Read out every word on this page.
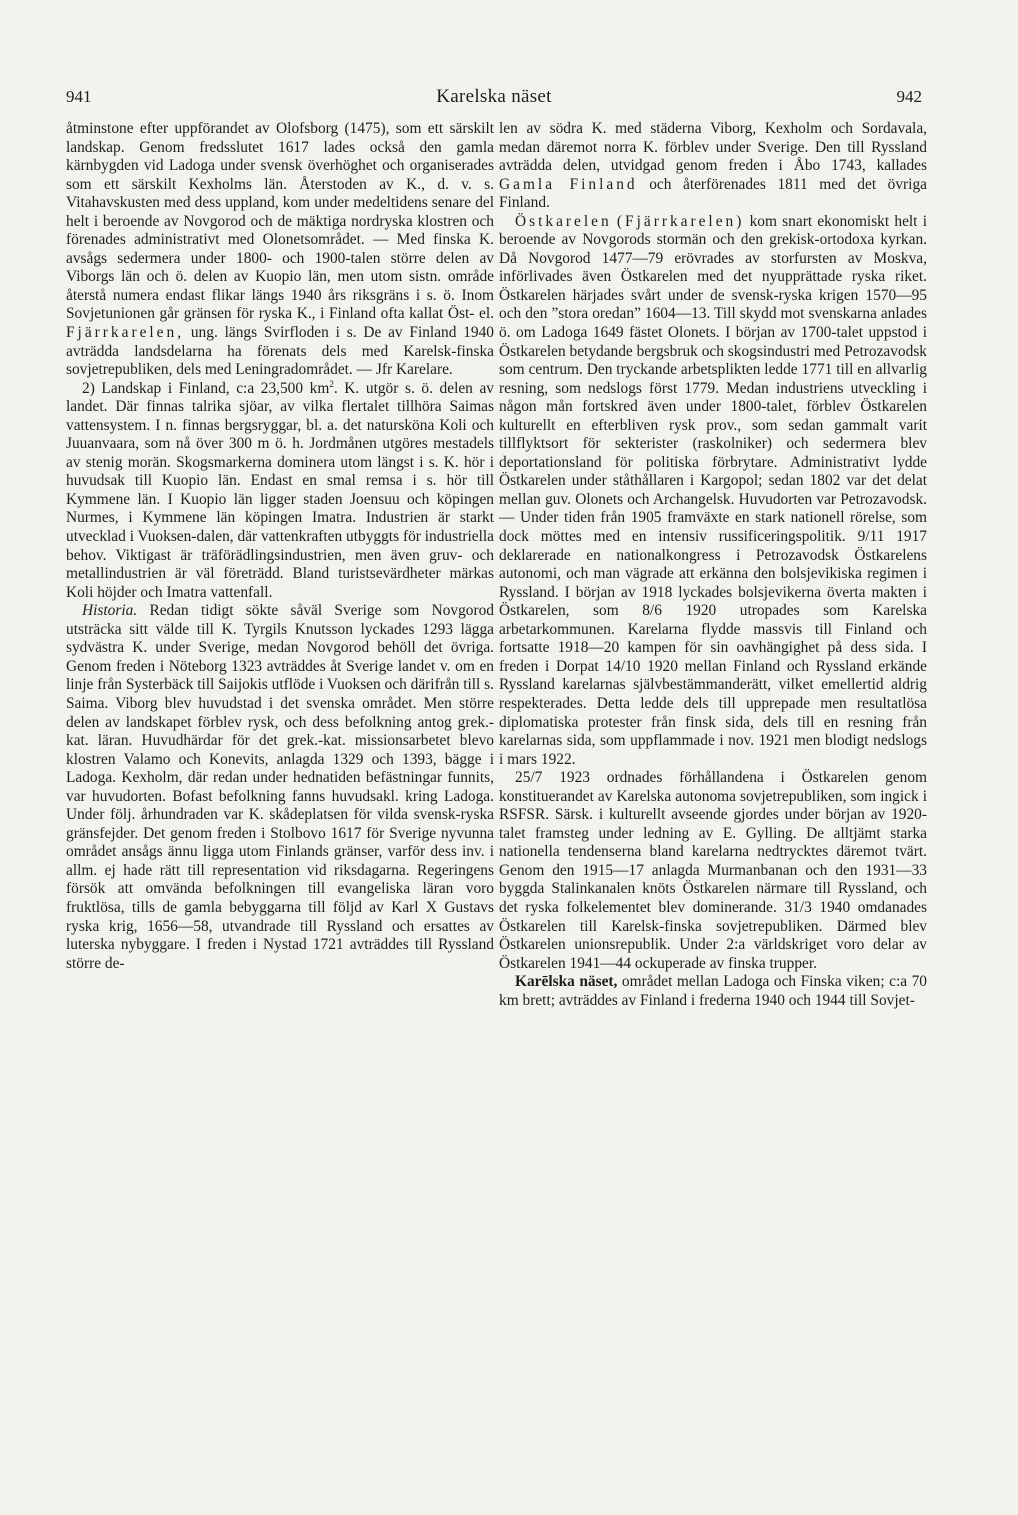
941	Karelska näset	942

åtminstone efter uppförandet av Olofsborg (1475), som ett särskilt landskap. Genom fredsslutet 1617 lades också den gamla kärnbygden vid Ladoga under svensk överhöghet och organiserades som ett särskilt Kexholms län. Återstoden av K., d. v. s. Vitahavskusten med dess uppland, kom under medeltidens senare del helt i beroende av Novgorod och de mäktiga nordryska klostren och förenades administrativt med Olonetsområdet. — Med finska K. avsågs sedermera under 1800- och 1900-talen större delen av Viborgs län och ö. delen av Kuopio län, men utom sistn. område återstå numera endast flikar längs 1940 års riksgräns i s. ö. Inom Sovjetunionen går gränsen för ryska K., i Finland ofta kallat Öst- el. Fjärrkarelen, ung. längs Svirfloden i s. De av Finland 1940 avträdda landsdelarna ha förenats dels med Karelsk-finska sovjetrepubliken, dels med Leningradområdet. — Jfr Karelare.

2) Landskap i Finland, c:a 23,500 $km^2$. K. utgör s. ö. delen av landet. Där finnas talrika sjöar, av vilka flertalet tillhöra Saimas vattensystem. I n. finnas bergsryggar, bl. a. det natursköna Koli och Juuanvaara, som nå över 300 m ö. h. Jordmånen utgöres mestadels av stenig morän. Skogsmarkerna dominera utom längst i s. K. hör i huvudsak till Kuopio län. Endast en smal remsa i s. hör till Kymmene län. I Kuopio län ligger staden Joensuu och köpingen Nurmes, i Kymmene län köpingen Imatra. Industrien är starkt utvecklad i Vuoksen-dalen, där vattenkraften utbyggts för industriella behov. Viktigast är träförädlingsindustrien, men även gruv- och metallindustrien är väl företrädd. Bland turistsevärdheter märkas Koli höjder och Imatra vattenfall.

Historia. Redan tidigt sökte såväl Sverige som Novgorod utsträcka sitt välde till K. Tyrgils Knutsson lyckades 1293 lägga sydvästra K. under Sverige, medan Novgorod behöll det övriga. Genom freden i Nöteborg 1323 avträddes åt Sverige landet v. om en linje från Systerbäck till Saijokis utflöde i Vuoksen och därifrån till s. Saima. Viborg blev huvudstad i det svenska området. Men större delen av landskapet förblev rysk, och dess befolkning antog grek.-kat. läran. Huvudhärdar för det grek.-kat. missionsarbetet blevo klostren Valamo och Konevits, anlagda 1329 och 1393, bägge i Ladoga. Kexholm, där redan under hednatiden befästningar funnits, var huvudorten. Bofast befolkning fanns huvudsakl. kring Ladoga. Under följ. århundraden var K. skådeplatsen för vilda svensk-ryska gränsfejder. Det genom freden i Stolbovo 1617 för Sverige nyvunna området ansågs ännu ligga utom Finlands gränser, varför dess inv. i allm. ej hade rätt till representation vid riksdagarna. Regeringens försök att omvända befolkningen till evangeliska läran voro fruktlösa, tills de gamla bebyggarna till följd av Karl X Gustavs ryska krig, 1656—58, utvandrade till Ryssland och ersattes av luterska nybyggare. I freden i Nystad 1721 avträddes till Ryssland större de-

len av södra K. med städerna Viborg, Kexholm och Sordavala, medan däremot norra K. förblev under Sverige. Den till Ryssland avträdda delen, utvidgad genom freden i Åbo 1743, kallades Gamla Finland och återförenades 1811 med det övriga Finland.

Östkarelen (Fjärrkarelen) kom snart ekonomiskt helt i beroende av Novgorods stormän och den grekisk-ortodoxa kyrkan. Då Novgorod 1477—79 erövrades av storfursten av Moskva, införlivades även Östkarelen med det nyupprättade ryska riket. Östkarelen härjades svårt under de svensk-ryska krigen 1570—95 och den ”stora oredan” 1604—13. Till skydd mot svenskarna anlades ö. om Ladoga 1649 fästet Olonets. I början av 1700-talet uppstod i Östkarelen betydande bergsbruk och skogsindustri med Petrozavodsk som centrum. Den tryckande arbetsplikten ledde 1771 till en allvarlig resning, som nedslogs först 1779. Medan industriens utveckling i någon mån fortskred även under 1800-talet, förblev Östkarelen kulturellt en efterbliven rysk prov., som sedan gammalt varit tillflyktsort för sekterister (raskolniker) och sedermera blev deportationsland för politiska förbrytare. Administrativt lydde Östkarelen under ståthållaren i Kargopol; sedan 1802 var det delat mellan guv. Olonets och Archangelsk. Huvudorten var Petrozavodsk. — Under tiden från 1905 framväxte en stark nationell rörelse, som dock möttes med en intensiv russificeringspolitik. 9/11 1917 deklarerade en nationalkongress i Petrozavodsk Östkarelens autonomi, och man vägrade att erkänna den bolsjevikiska regimen i Ryssland. I början av 1918 lyckades bolsjevikerna överta makten i Östkarelen, som 8/6 1920 utropades som Karelska arbetarkommunen. Karelarna flydde massvis till Finland och fortsatte 1918—20 kampen för sin oavhängighet på dess sida. I freden i Dorpat 14/10 1920 mellan Finland och Ryssland erkände Ryssland karelarnas självbestämmanderätt, vilket emellertid aldrig respekterades. Detta ledde dels till upprepade men resultatlösa diplomatiska protester från finsk sida, dels till en resning från karelarnas sida, som uppflammade i nov. 1921 men blodigt nedslogs i mars 1922.

25/7 1923 ordnades förhållandena i Östkarelen genom konstituerandet av Karelska autonoma sovjetrepubliken, som ingick i RSFSR. Särsk. i kulturellt avseende gjordes under början av 1920-talet framsteg under ledning av E. Gylling. De alltjämt starka nationella tendenserna bland karelarna nedtrycktes däremot tvärt. Genom den 1915—17 anlagda Murmanbanan och den 1931—33 byggda Stalinkanalen knöts Östkarelen närmare till Ryssland, och det ryska folkelementet blev dominerande. 31/3 1940 omdanades Östkarelen till Karelsk-finska sovjetrepubliken. Därmed blev Östkarelen unionsrepublik. Under 2:a världskriget voro delar av Östkarelen 1941—44 ockuperade av finska trupper.

Karēlska näset, området mellan Ladoga och Finska viken; c:a 70 km brett; avträddes av Finland i frederna 1940 och 1944 till Sovjet-
